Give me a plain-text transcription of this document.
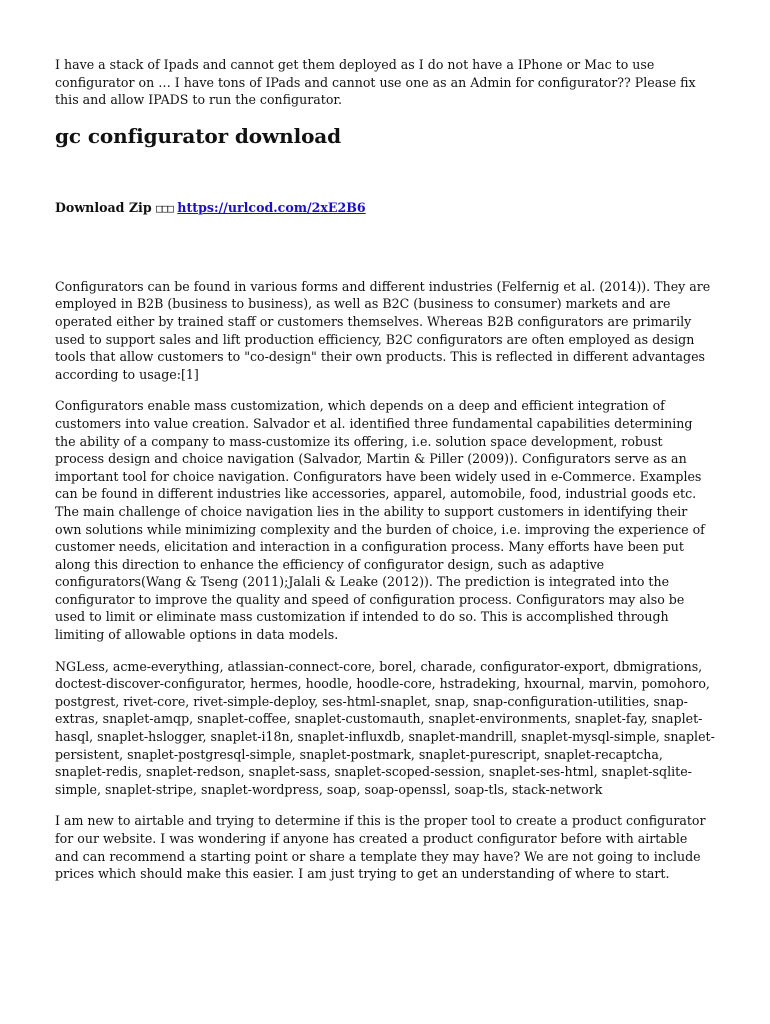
I have a stack of Ipads and cannot get them deployed as I do not have a IPhone or Mac to use configurator on … I have tons of IPads and cannot use one as an Admin for configurator?? Please fix this and allow IPADS to run the configurator.

gc configurator download
Download Zip □□□ https://urlcod.com/2xE2B6

Configurators can be found in various forms and different industries (Felfernig et al. (2014)). They are employed in B2B (business to business), as well as B2C (business to consumer) markets and are operated either by trained staff or customers themselves. Whereas B2B configurators are primarily used to support sales and lift production efficiency, B2C configurators are often employed as design tools that allow customers to "co-design" their own products. This is reflected in different advantages according to usage:[1]

Configurators enable mass customization, which depends on a deep and efficient integration of customers into value creation. Salvador et al. identified three fundamental capabilities determining the ability of a company to mass-customize its offering, i.e. solution space development, robust process design and choice navigation (Salvador, Martin & Piller (2009)). Configurators serve as an important tool for choice navigation. Configurators have been widely used in e-Commerce. Examples can be found in different industries like accessories, apparel, automobile, food, industrial goods etc. The main challenge of choice navigation lies in the ability to support customers in identifying their own solutions while minimizing complexity and the burden of choice, i.e. improving the experience of customer needs, elicitation and interaction in a configuration process. Many efforts have been put along this direction to enhance the efficiency of configurator design, such as adaptive configurators(Wang & Tseng (2011);Jalali & Leake (2012)). The prediction is integrated into the configurator to improve the quality and speed of configuration process. Configurators may also be used to limit or eliminate mass customization if intended to do so. This is accomplished through limiting of allowable options in data models.

NGLess, acme-everything, atlassian-connect-core, borel, charade, configurator-export, dbmigrations, doctest-discover-configurator, hermes, hoodle, hoodle-core, hstradeking, hxournal, marvin, pomohoro, postgrest, rivet-core, rivet-simple-deploy, ses-html-snaplet, snap, snap-configuration-utilities, snap-extras, snaplet-amqp, snaplet-coffee, snaplet-customauth, snaplet-environments, snaplet-fay, snaplet-hasql, snaplet-hslogger, snaplet-i18n, snaplet-influxdb, snaplet-mandrill, snaplet-mysql-simple, snaplet-persistent, snaplet-postgresql-simple, snaplet-postmark, snaplet-purescript, snaplet-recaptcha, snaplet-redis, snaplet-redson, snaplet-sass, snaplet-scoped-session, snaplet-ses-html, snaplet-sqlite-simple, snaplet-stripe, snaplet-wordpress, soap, soap-openssl, soap-tls, stack-network

I am new to airtable and trying to determine if this is the proper tool to create a product configurator for our website. I was wondering if anyone has created a product configurator before with airtable and can recommend a starting point or share a template they may have? We are not going to include prices which should make this easier. I am just trying to get an understanding of where to start.
